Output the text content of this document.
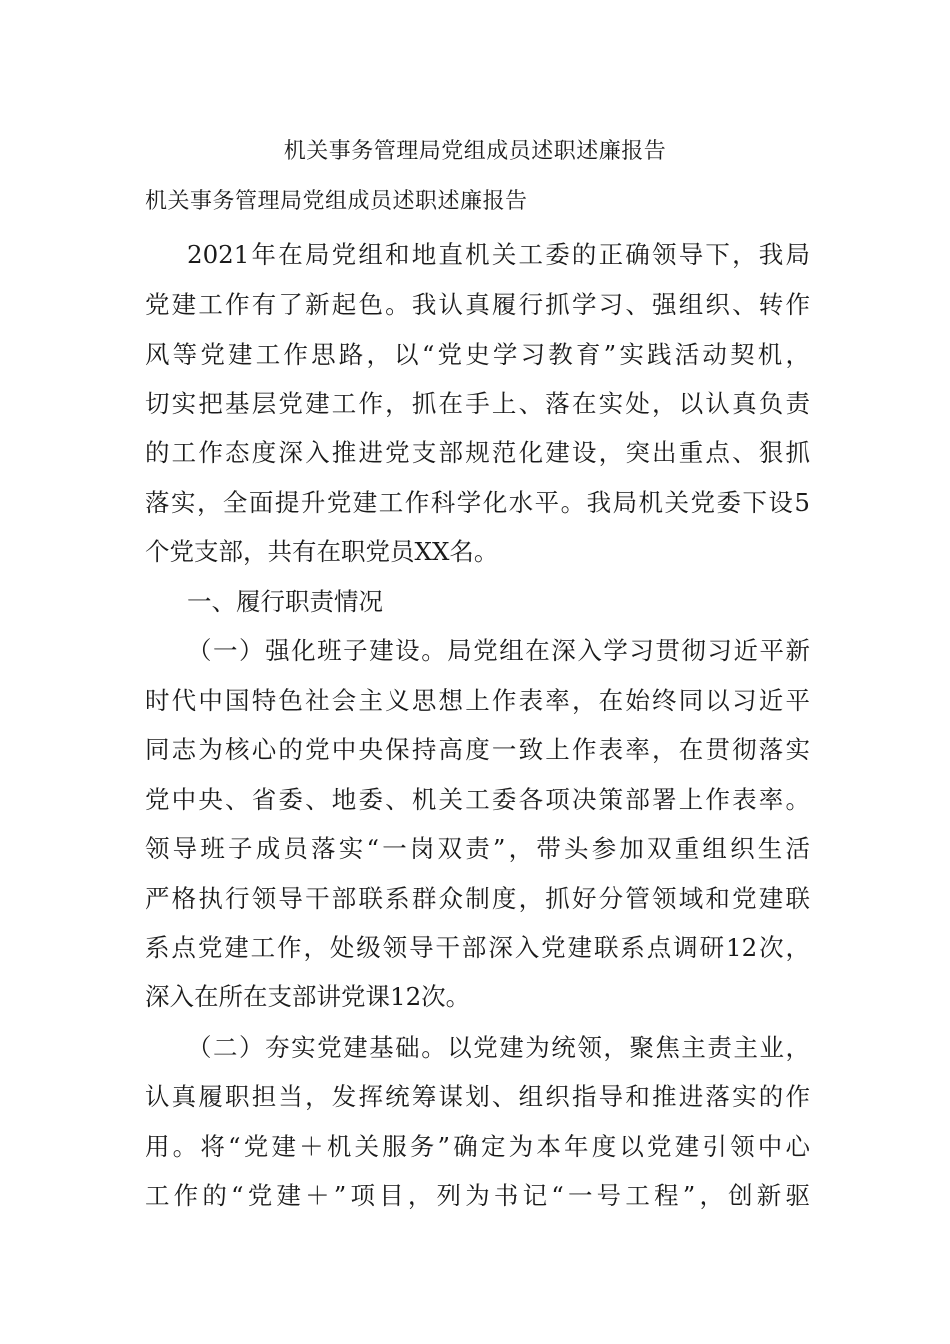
机关事务管理局党组成员述职述廉报告
机关事务管理局党组成员述职述廉报告
2021年在局党组和地直机关工委的正确领导下，我局
党建工作有了新起色。我认真履行抓学习、强组织、转作
风等党建工作思路，以“党史学习教育”实践活动契机，
切实把基层党建工作，抓在手上、落在实处，以认真负责
的工作态度深入推进党支部规范化建设，突出重点、狠抓
落实，全面提升党建工作科学化水平。我局机关党委下设5
个党支部，共有在职党员XX名。
一、履行职责情况
（一）强化班子建设。局党组在深入学习贯彻习近平新
时代中国特色社会主义思想上作表率，在始终同以习近平
同志为核心的党中央保持高度一致上作表率，在贯彻落实
党中央、省委、地委、机关工委各项决策部署上作表率。
领导班子成员落实“一岗双责”，带头参加双重组织生活
严格执行领导干部联系群众制度，抓好分管领域和党建联
系点党建工作，处级领导干部深入党建联系点调研12次，
深入在所在支部讲党课12次。
（二）夯实党建基础。以党建为统领，聚焦主责主业，
认真履职担当，发挥统筹谋划、组织指导和推进落实的作
用。将“党建＋机关服务”确定为本年度以党建引领中心
工作的“党建＋”项目，列为书记“一号工程”，创新驱
